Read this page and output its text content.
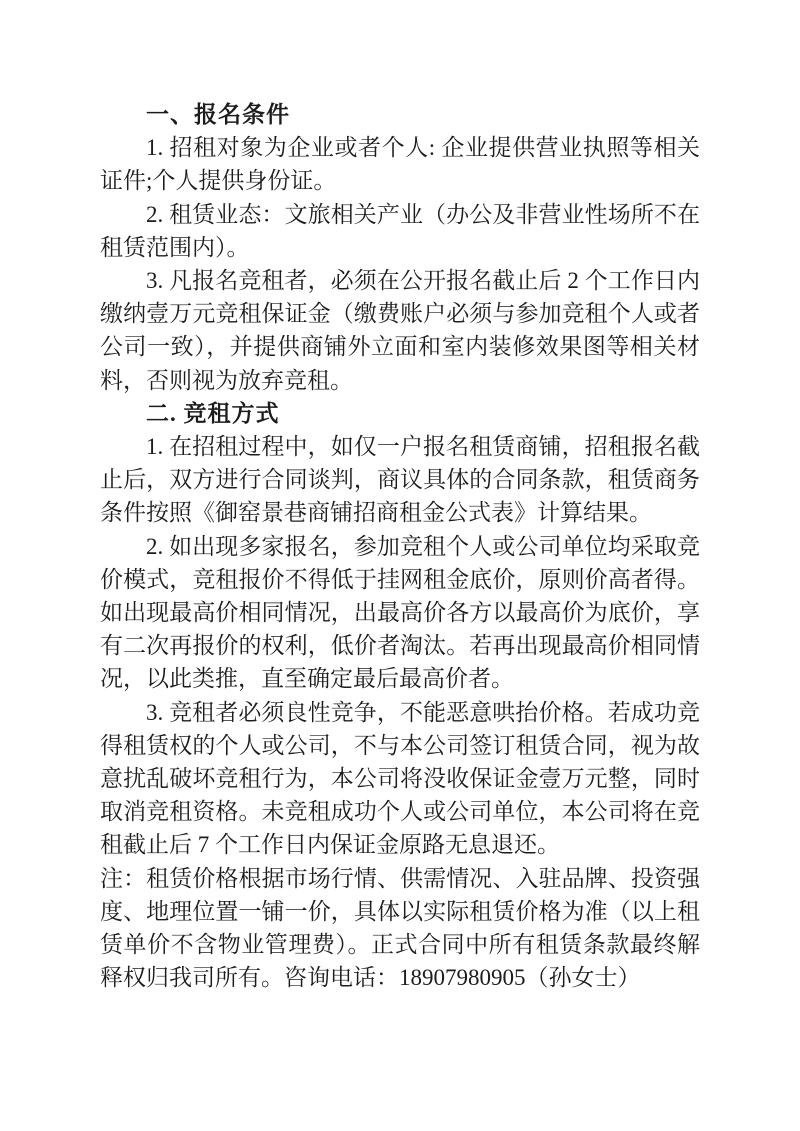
一、报名条件

1. 招租对象为企业或者个人: 企业提供营业执照等相关证件;个人提供身份证。

2. 租赁业态：文旅相关产业（办公及非营业性场所不在租赁范围内）。

3. 凡报名竞租者，必须在公开报名截止后 2 个工作日内缴纳壹万元竞租保证金（缴费账户必须与参加竞租个人或者公司一致），并提供商铺外立面和室内装修效果图等相关材料，否则视为放弃竞租。

二. 竞租方式

1. 在招租过程中，如仅一户报名租赁商铺，招租报名截止后，双方进行合同谈判，商议具体的合同条款，租赁商务条件按照《御窑景巷商铺招商租金公式表》计算结果。

2. 如出现多家报名，参加竞租个人或公司单位均采取竞价模式，竞租报价不得低于挂网租金底价，原则价高者得。如出现最高价相同情况，出最高价各方以最高价为底价，享有二次再报价的权利，低价者淘汰。若再出现最高价相同情况，以此类推，直至确定最后最高价者。

3. 竞租者必须良性竞争，不能恶意哄抬价格。若成功竞得租赁权的个人或公司，不与本公司签订租赁合同，视为故意扰乱破坏竞租行为，本公司将没收保证金壹万元整，同时取消竞租资格。未竞租成功个人或公司单位，本公司将在竞租截止后 7 个工作日内保证金原路无息退还。

注：租赁价格根据市场行情、供需情况、入驻品牌、投资强度、地理位置一铺一价，具体以实际租赁价格为准（以上租赁单价不含物业管理费）。正式合同中所有租赁条款最终解释权归我司所有。咨询电话：18907980905（孙女士）
